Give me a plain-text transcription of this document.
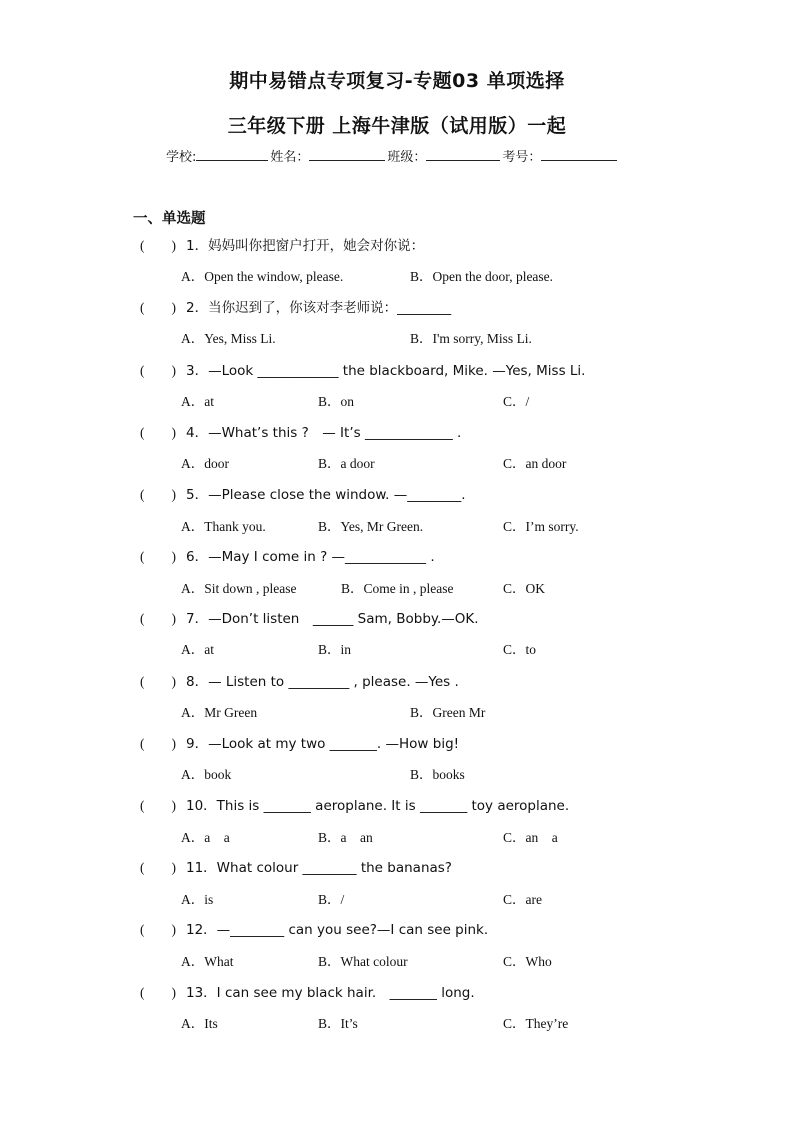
期中易错点专项复习-专题03 单项选择
三年级下册 上海牛津版（试用版）一起
学校:	姓名：	班级：	考号：
一、单选题
(　　) 1．妈妈叫你把窗户打开，她会对你说：
A．Open the window, please.	B．Open the door, please.
(　　) 2．当你迟到了，你该对李老师说：________
A．Yes, Miss Li.	B．I'm sorry, Miss Li.
(　　) 3．—Look ____________ the blackboard, Mike. —Yes, Miss Li.
A．at	B．on	C．/
(　　) 4．—What’s this ?　— It’s _____________ .
A．door	B．a door	C．an door
(　　) 5．—Please close the window. —________.
A．Thank you.	B．Yes, Mr Green.	C．I’m sorry.
(　　) 6．—May I come in ? —____________ .
A．Sit down , please	B．Come in , please	C．OK
(　　) 7．—Don’t listen　______ Sam, Bobby.—OK.
A．at	B．in	C．to
(　　) 8．— Listen to _________ , please. —Yes .
A．Mr Green	B．Green Mr
(　　) 9．—Look at my two _______. —How big!
A．book	B．books
(　　) 10．This is _______ aeroplane. It is _______ toy aeroplane.
A．a　a	B．a　an	C．an　a
(　　) 11．What colour ________ the bananas?
A．is	B．/	C．are
(　　) 12．—________ can you see?—I can see pink.
A．What	B．What colour	C．Who
(　　) 13．I can see my black hair.　_______ long.
A．Its	B．It’s	C．They’re
